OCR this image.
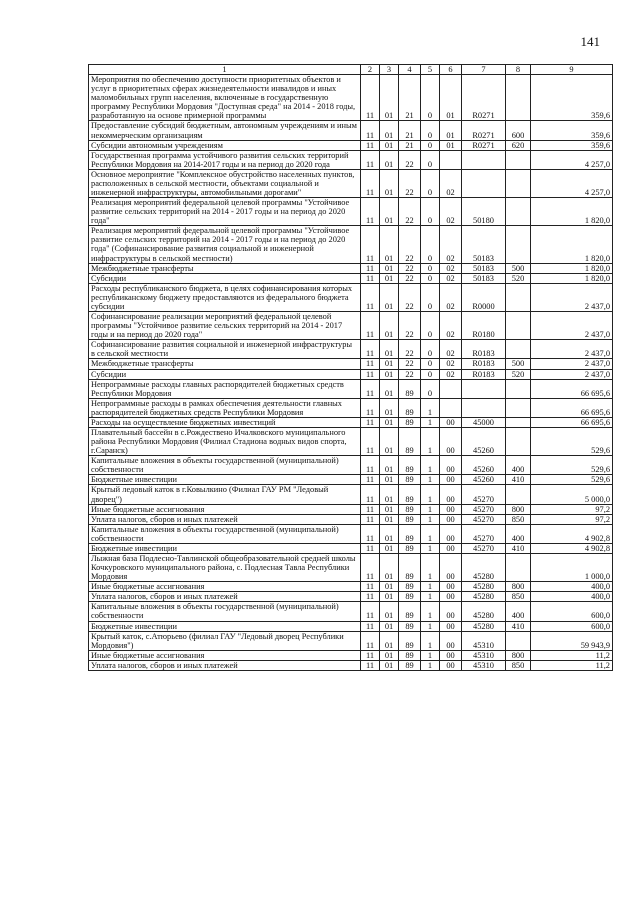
141
1	2	3	4	5	6	7	8	9
Мероприятия по обеспечению доступности приоритетных объектов и услуг в приоритетных сферах жизнедеятельности инвалидов и иных маломобильных групп населения, включенные в государственную программу Республики Мордовия "Доступная среда" на 2014 - 2018 годы, разработанную на основе примерной программы	11	01	21	0	01	R0271		359,6
Предоставление субсидий бюджетным, автономным учреждениям и иным некоммерческим организациям	11	01	21	0	01	R0271	600	359,6
Субсидии автономным учреждениям	11	01	21	0	01	R0271	620	359,6
Государственная программа устойчивого развития сельских территорий Республики Мордовия на 2014-2017 годы и на период до 2020 года	11	01	22	0				4 257,0
Основное мероприятие "Комплексное обустройство населенных пунктов, расположенных в сельской местности, объектами социальной и инженерной инфраструктуры, автомобильными дорогами"	11	01	22	0	02			4 257,0
Реализация мероприятий федеральной целевой программы "Устойчивое развитие сельских территорий на 2014 - 2017 годы и на период до 2020 года"	11	01	22	0	02	50180		1 820,0
Реализация мероприятий федеральной целевой программы "Устойчивое развитие сельских территорий на 2014 - 2017 годы и на период до 2020 года" (Софинансирование развития социальной и инженерной инфраструктуры в сельской местности)	11	01	22	0	02	50183		1 820,0
Межбюджетные трансферты	11	01	22	0	02	50183	500	1 820,0
Субсидии	11	01	22	0	02	50183	520	1 820,0
Расходы республиканского бюджета, в целях софинансирования которых республиканскому бюджету предоставляются из федерального бюджета субсидии	11	01	22	0	02	R0000		2 437,0
Софинансирование реализации мероприятий федеральной целевой программы "Устойчивое развитие сельских территорий на 2014 - 2017 годы и на период до 2020 года"	11	01	22	0	02	R0180		2 437,0
Софинансирование развития социальной и инженерной инфраструктуры в сельской местности	11	01	22	0	02	R0183		2 437,0
Межбюджетные трансферты	11	01	22	0	02	R0183	500	2 437,0
Субсидии	11	01	22	0	02	R0183	520	2 437,0
Непрограммные расходы главных распорядителей бюджетных средств Республики Мордовия	11	01	89	0				66 695,6
Непрограммные расходы в рамках обеспечения деятельности главных распорядителей бюджетных средств Республики Мордовия	11	01	89	1				66 695,6
Расходы на осуществление бюджетных инвестиций	11	01	89	1	00	45000		66 695,6
Плавательный бассейн в с.Рождествено Ичалковского муниципального района Республики Мордовия (Филиал Стадиона водных видов спорта, г.Саранск)	11	01	89	1	00	45260		529,6
Капитальные вложения в объекты государственной (муниципальной) собственности	11	01	89	1	00	45260	400	529,6
Бюджетные инвестиции	11	01	89	1	00	45260	410	529,6
Крытый ледовый каток в г.Ковылкино (Филиал ГАУ РМ "Ледовый дворец")	11	01	89	1	00	45270		5 000,0
Иные бюджетные ассигнования	11	01	89	1	00	45270	800	97,2
Уплата налогов, сборов и иных платежей	11	01	89	1	00	45270	850	97,2
Капитальные вложения в объекты государственной (муниципальной) собственности	11	01	89	1	00	45270	400	4 902,8
Бюджетные инвестиции	11	01	89	1	00	45270	410	4 902,8
Лыжная база Подлесно-Тавлинской общеобразовательной средней школы Кочкуровского муниципального района, с. Подлесная Тавла Республики Мордовия	11	01	89	1	00	45280		1 000,0
Иные бюджетные ассигнования	11	01	89	1	00	45280	800	400,0
Уплата налогов, сборов и иных платежей	11	01	89	1	00	45280	850	400,0
Капитальные вложения в объекты государственной (муниципальной) собственности	11	01	89	1	00	45280	400	600,0
Бюджетные инвестиции	11	01	89	1	00	45280	410	600,0
Крытый каток, с.Атюрьево (филиал ГАУ "Ледовый дворец Республики Мордовия")	11	01	89	1	00	45310		59 943,9
Иные бюджетные ассигнования	11	01	89	1	00	45310	800	11,2
Уплата налогов, сборов и иных платежей	11	01	89	1	00	45310	850	11,2
